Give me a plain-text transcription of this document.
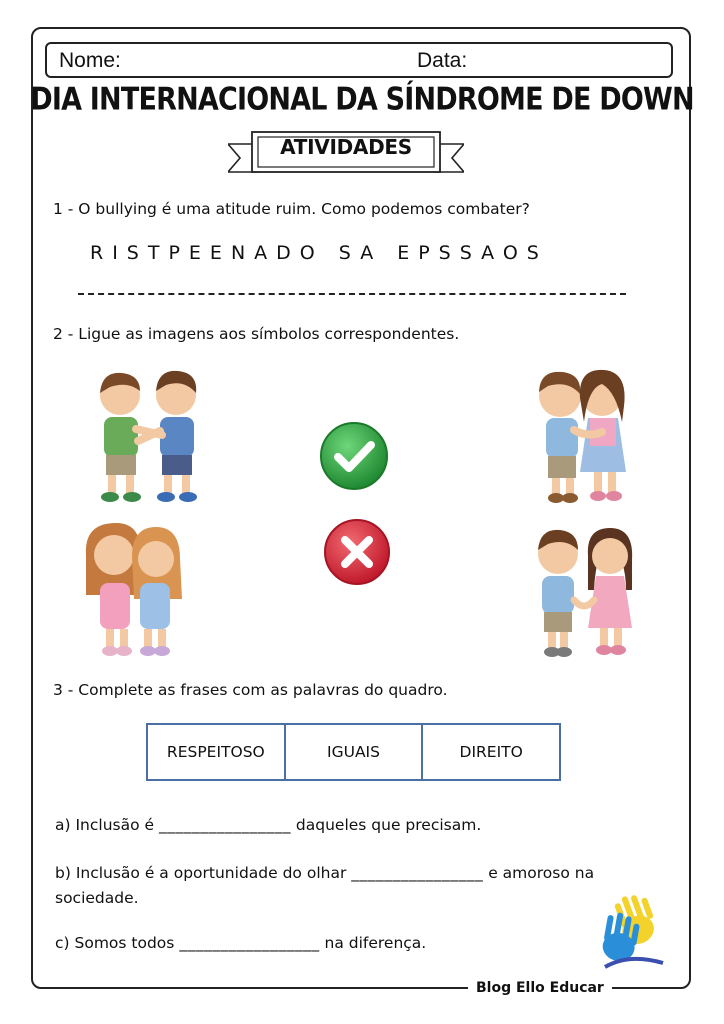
Nome:	Data:
DIA INTERNACIONAL DA SÍNDROME DE DOWN
ATIVIDADES
1 - O bullying é uma atitude ruim. Como podemos combater?
RISTPEENADO SA EPSSAOS
2 - Ligue as imagens aos símbolos correspondentes.
3 - Complete as frases com as palavras do quadro.
RESPEITOSO	IGUAIS	DIREITO
a) Inclusão é ________________ daqueles que precisam.
b) Inclusão é a oportunidade do olhar ________________ e amoroso na sociedade.
c) Somos todos _________________ na diferença.
Blog Ello Educar
